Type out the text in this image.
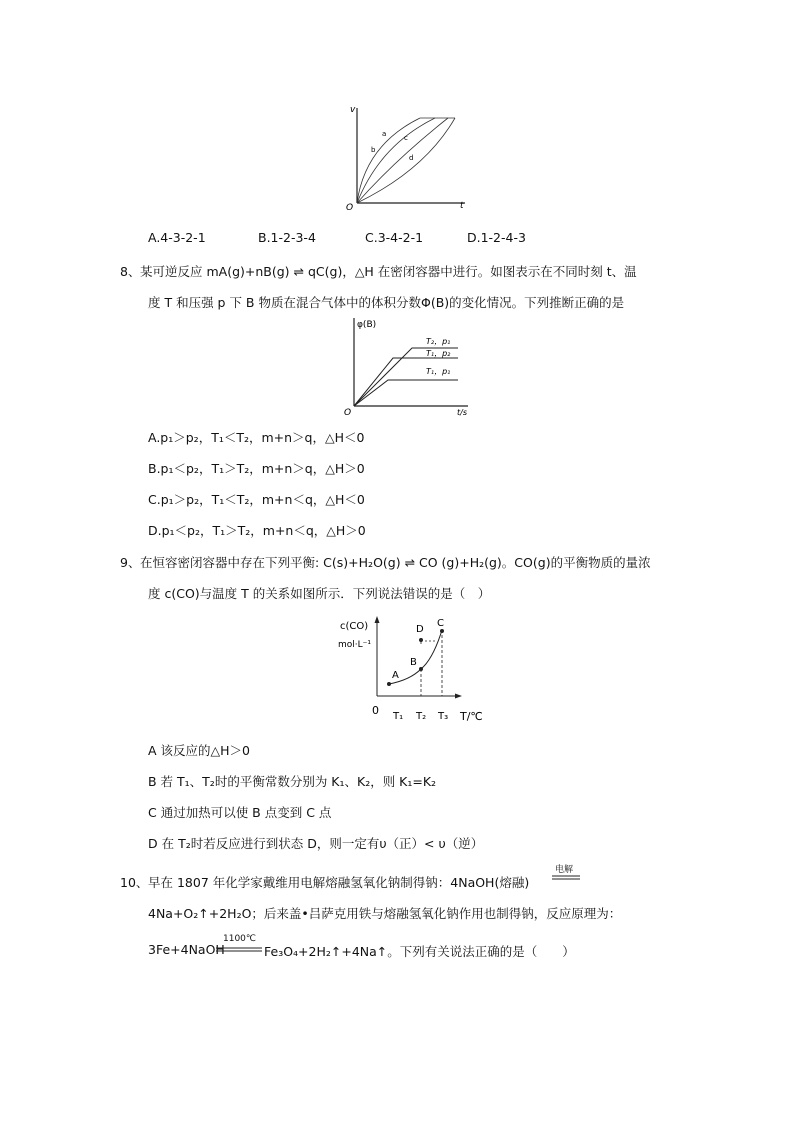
v
t
O
a
b
c
d
A.4-3-2-1	B.1-2-3-4	C.3-4-2-1	D.1-2-4-3
8、 某可逆反应 mA(g)+nB(g) ⇌ qC(g)，△H 在密闭容器中进行。如图表示在不同时刻 t、温
度 T 和压强 p 下 B 物质在混合气体中的体积分数Φ(B)的变化情况。下列推断正确的是
φ(B)
t/s
O
T₂，p₁
T₁，p₂
T₁，p₁
A.p₁＞p₂，T₁＜T₂，m+n＞q，△H＜0
B.p₁＜p₂，T₁＞T₂，m+n＞q，△H＞0
C.p₁＞p₂，T₁＜T₂，m+n＜q，△H＜0
D.p₁＜p₂，T₁＞T₂，m+n＜q，△H＞0
9、 在恒容密闭容器中存在下列平衡: C(s)+H₂O(g) ⇌ CO (g)+H₂(g)。CO(g)的平衡物质的量浓
度 c(CO)与温度 T 的关系如图所示．下列说法错误的是（　）
c(CO)
mol·L⁻¹
0	T/℃
T₁ T₂ T₃
A
B
C
D
A 该反应的△H＞0
B 若 T₁、T₂时的平衡常数分别为 K₁、K₂，则 K₁=K₂
C 通过加热可以使 B 点变到 C 点
D 在 T₂时若反应进行到状态 D，则一定有υ（正）< υ（逆）
10、 早在 1807 年化学家戴维用电解熔融氢氧化钠制得钠：4NaOH(熔融)
电解
4Na+O₂↑+2H₂O；后来盖•吕萨克用铁与熔融氢氧化钠作用也制得钠，反应原理为：
3Fe+4NaOH
1100℃
Fe₃O₄+2H₂↑+4Na↑。下列有关说法正确的是（　　）
